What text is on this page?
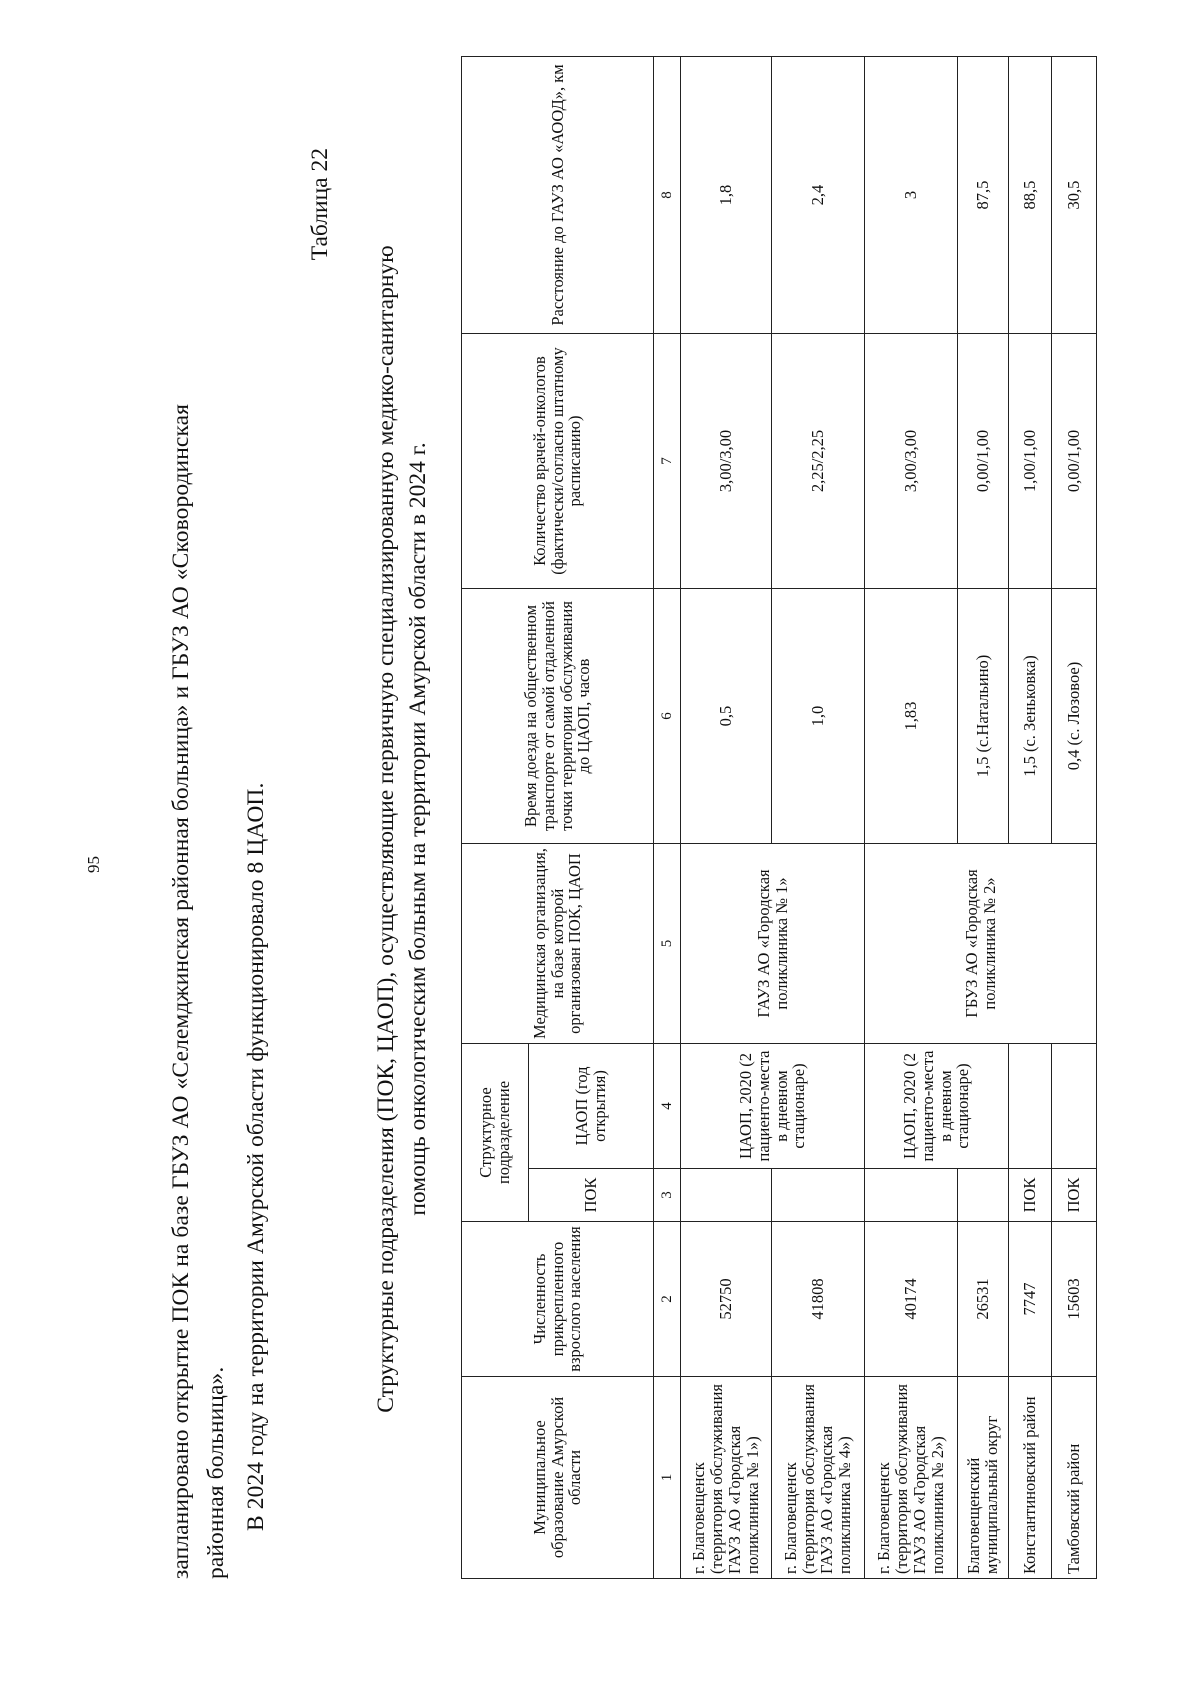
95	запланировано открытие ПОК на базе ГБУЗ АО «Селемджинская районная больница» и ГБУЗ АО «Сковородинская районная больница». В 2024 году на территории Амурской области функционировало 8 ЦАОП.
Таблица 22
Структурные подразделения (ПОК, ЦАОП), осуществляющие первичную специализированную медико-санитарную помощь онкологическим больным на территории Амурской области в 2024 г.
Муниципальное образование Амурской области	Численность прикрепленного взрослого населения	Структурное подразделение		Медицинская организация, на базе которой организован ПОК, ЦАОП	Время доезда на общественном транспорте от самой отдаленной точки территории обслуживания до ЦАОП, часов	Количество врачей-онкологов (фактически/согласно штатному расписанию)	Расстояние до ГАУЗ АО «АООД», км
		ПОК	ЦАОП (год открытия)				
1	2	3	4	5	6	7	8
г. Благовещенск (территория обслуживания ГАУЗ АО «Городская поликлиника № 1»)	52750		ЦАОП, 2020 (2 пациенто-места в дневном стационаре)	ГАУЗ АО «Городская поликлиника № 1»	0,5	3,00/3,00	1,8
г. Благовещенск (территория обслуживания ГАУЗ АО «Городская поликлиника № 4»)	41808				1,0	2,25/2,25	2,4
г. Благовещенск (территория обслуживания ГАУЗ АО «Городская поликлиника № 2»)	40174		ЦАОП, 2020 (2 пациенто-места в дневном стационаре)	ГБУЗ АО «Городская поликлиника № 2»	1,83	3,00/3,00	3
Благовещенский муниципальный округ	26531				1,5 (с.Натальино)	0,00/1,00	87,5
Константиновский район	7747	ПОК			1,5 (с. Зеньковка)	1,00/1,00	88,5
Тамбовский район	15603	ПОК			0,4 (с. Лозовое)	0,00/1,00	30,5
